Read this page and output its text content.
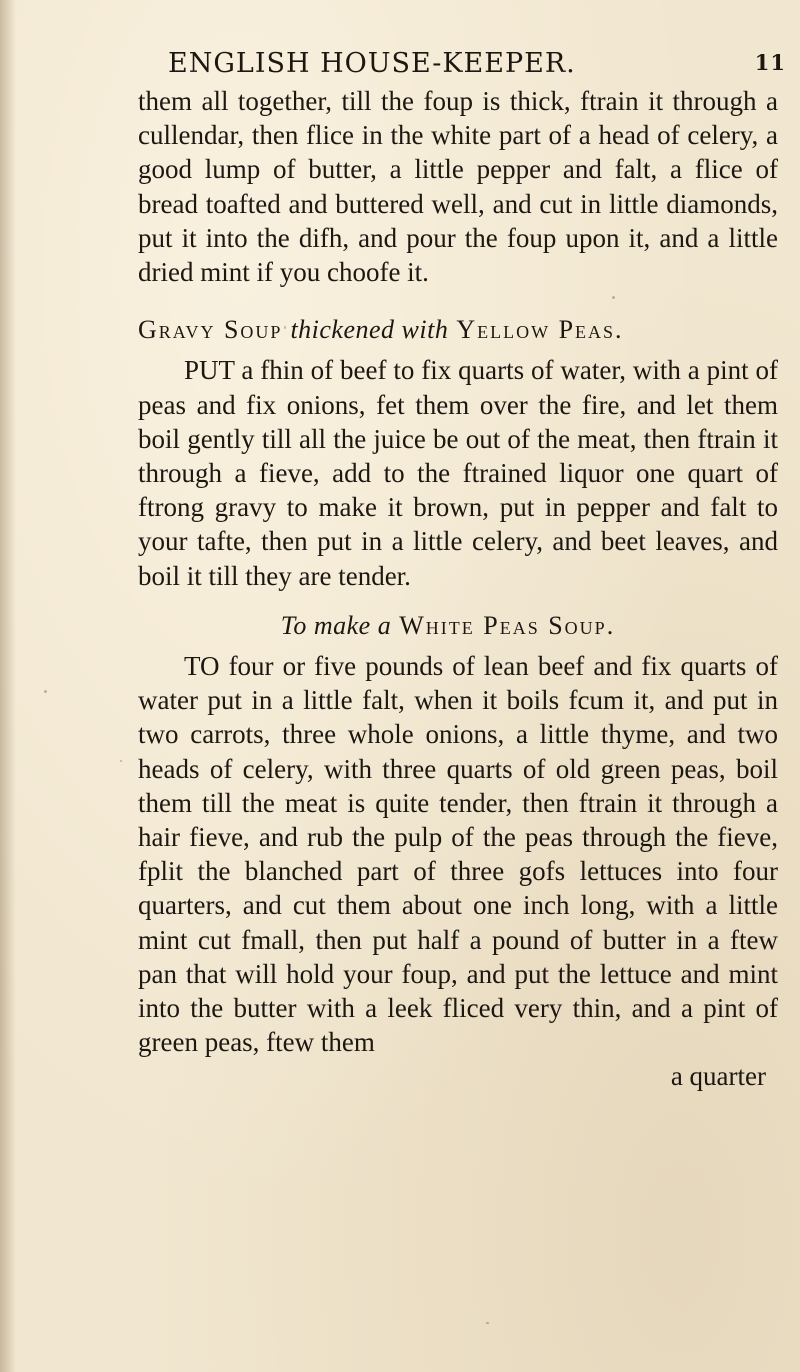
ENGLISH HOUSE-KEEPER.	11

them all together, till the foup is thick, ftrain it through a cullendar, then flice in the white part of a head of celery, a good lump of butter, a little pepper and falt, a flice of bread toafted and buttered well, and cut in little diamonds, put it into the difh, and pour the foup upon it, and a little dried mint if you choofe it.

Gravy Soup thickened with Yellow Peas.

PUT a fhin of beef to fix quarts of water, with a pint of peas and fix onions, fet them over the fire, and let them boil gently till all the juice be out of the meat, then ftrain it through a fieve, add to the ftrained liquor one quart of ftrong gravy to make it brown, put in pepper and falt to your tafte, then put in a little celery, and beet leaves, and boil it till they are tender.

To make a White Peas Soup.

TO four or five pounds of lean beef and fix quarts of water put in a little falt, when it boils fcum it, and put in two carrots, three whole onions, a little thyme, and two heads of celery, with three quarts of old green peas, boil them till the meat is quite tender, then ftrain it through a hair fieve, and rub the pulp of the peas through the fieve, fplit the blanched part of three gofs lettuces into four quarters, and cut them about one inch long, with a little mint cut fmall, then put half a pound of butter in a ftew pan that will hold your foup, and put the lettuce and mint into the butter with a leek fliced very thin, and a pint of green peas, ftew them

a quarter
